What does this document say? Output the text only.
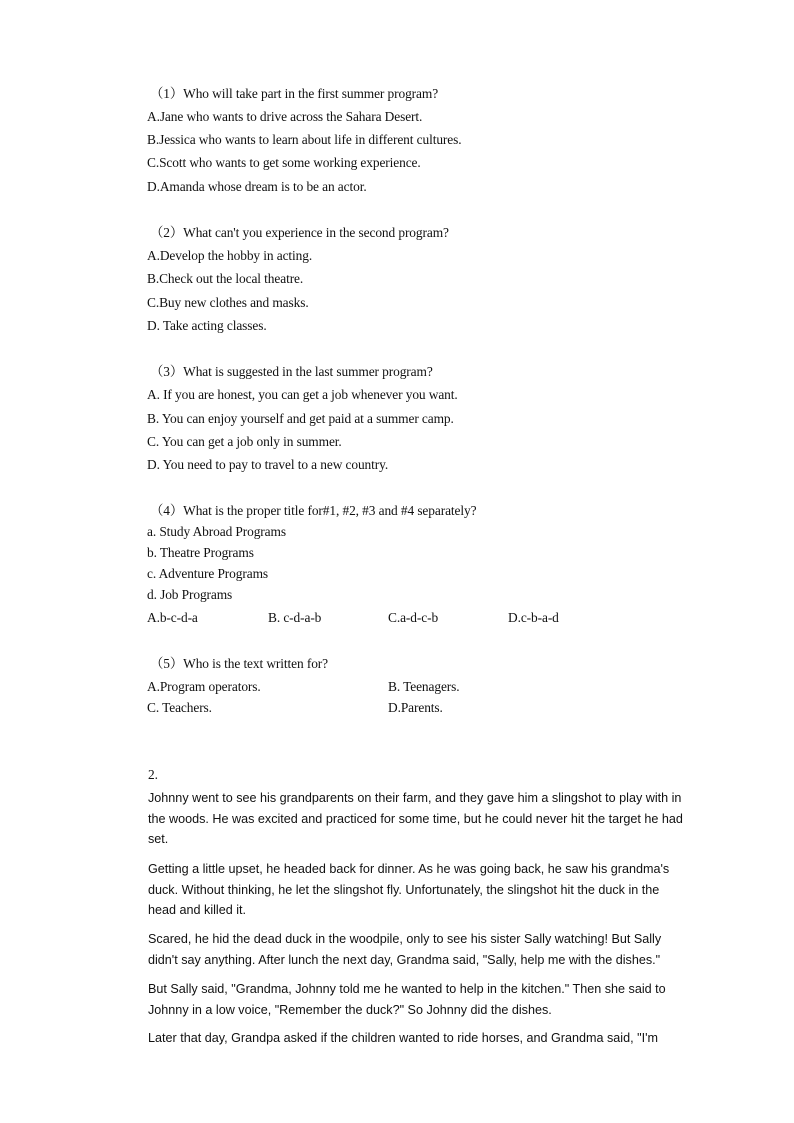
（1）Who will take part in the first summer program?
A.Jane who wants to drive across the Sahara Desert.
B.Jessica who wants to learn about life in different cultures.
C.Scott who wants to get some working experience.
D.Amanda whose dream is to be an actor.
（2）What can't you experience in the second program?
A.Develop the hobby in acting.
B.Check out the local theatre.
C.Buy new clothes and masks.
D. Take acting classes.
（3）What is suggested in the last summer program?
A. If you are honest, you can get a job whenever you want.
B. You can enjoy yourself and get paid at a summer camp.
C. You can get a job only in summer.
D. You need to pay to travel to a new country.
（4）What is the proper title for#1, #2, #3 and #4 separately?
a. Study Abroad Programs
b. Theatre Programs
c. Adventure Programs
d. Job Programs
A.b-c-d-a	B. c-d-a-b	C.a-d-c-b	D.c-b-a-d
（5）Who is the text written for?
A.Program operators.	B. Teenagers.
C. Teachers.	D.Parents.
2.

Johnny went to see his grandparents on their farm, and they gave him a slingshot to play with in the woods. He was excited and practiced for some time, but he could never hit the target he had set.

Getting a little upset, he headed back for dinner. As he was going back, he saw his grandma's duck. Without thinking, he let the slingshot fly. Unfortunately, the slingshot hit the duck in the head and killed it.

Scared, he hid the dead duck in the woodpile, only to see his sister Sally watching! But Sally didn't say anything. After lunch the next day, Grandma said, "Sally, help me with the dishes."

But Sally said, "Grandma, Johnny told me he wanted to help in the kitchen." Then she said to Johnny in a low voice, "Remember the duck?" So Johnny did the dishes.

Later that day, Grandpa asked if the children wanted to ride horses, and Grandma said, "I'm
